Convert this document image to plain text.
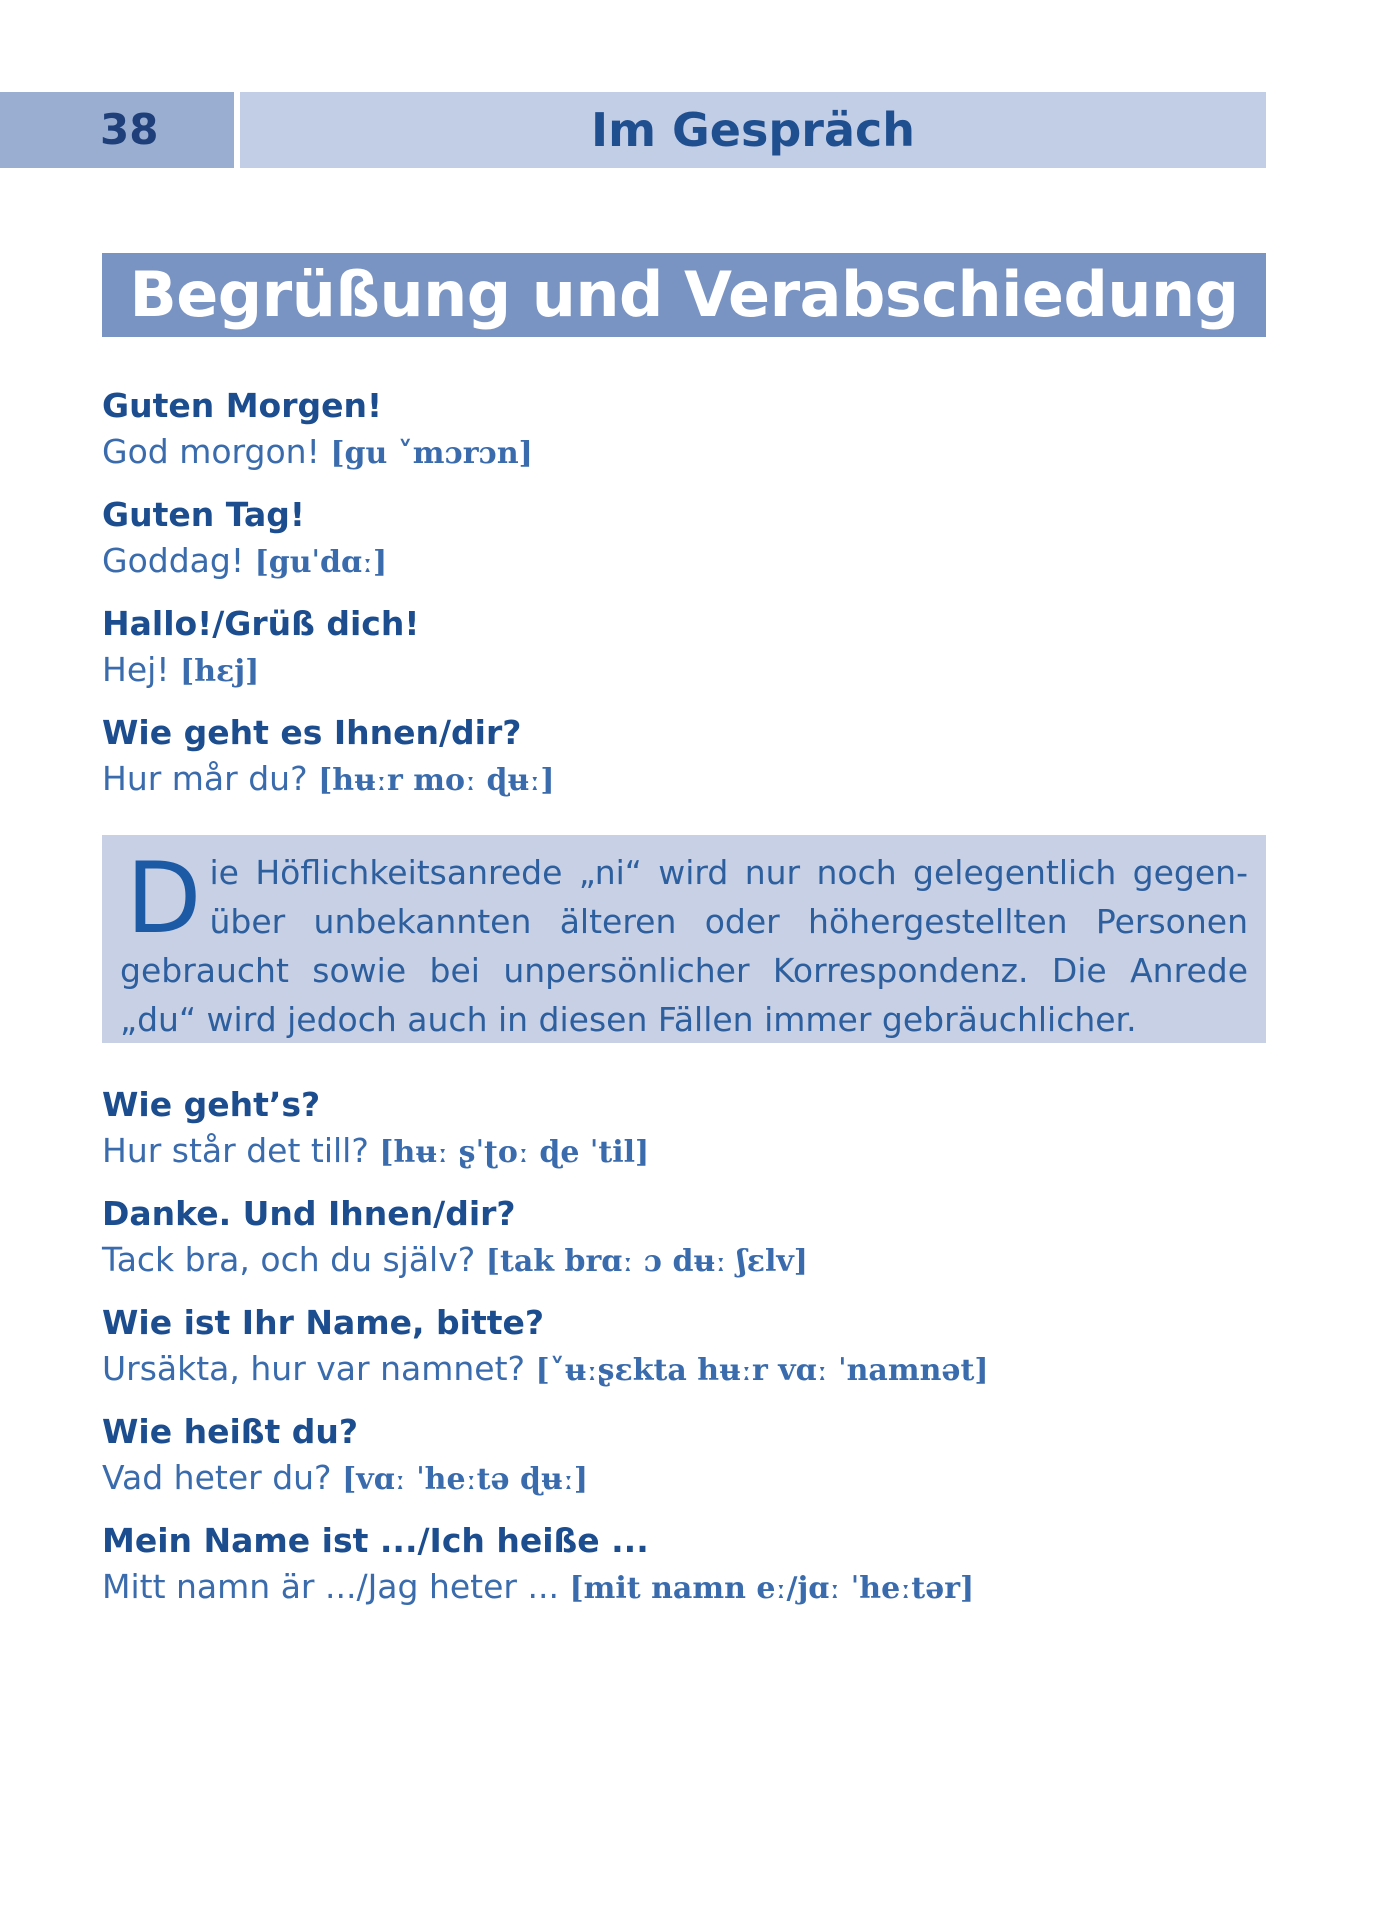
38	Im Gespräch
Begrüßung und Verabschiedung
Guten Morgen!
God morgon! [gu ˅mɔrɔn]
Guten Tag!
Goddag! [guˈdɑː]
Hallo!/Grüß dich!
Hej! [hɛj]
Wie geht es Ihnen/dir?
Hur mår du? [hʉːr moː ɖʉː]
Die Höflichkeitsanrede „ni“ wird nur noch gelegentlich gegenüber unbekannten älteren oder höhergestellten Personen gebraucht sowie bei unpersönlicher Korrespondenz. Die Anrede „du“ wird jedoch auch in diesen Fällen immer gebräuchlicher.
Wie geht’s?
Hur står det till? [hʉː ʂˈʈoː ɖe ˈtil]
Danke. Und Ihnen/dir?
Tack bra, och du själv? [tak brɑː ɔ dʉː ʃɛlv]
Wie ist Ihr Name, bitte?
Ursäkta, hur var namnet? [˅ʉːʂɛkta hʉːr vɑː ˈnamnət]
Wie heißt du?
Vad heter du? [vɑː ˈheːtə ɖʉː]
Mein Name ist .../Ich heiße ...
Mitt namn är .../Jag heter ... [mit namn eː/jɑː ˈheːtər]
